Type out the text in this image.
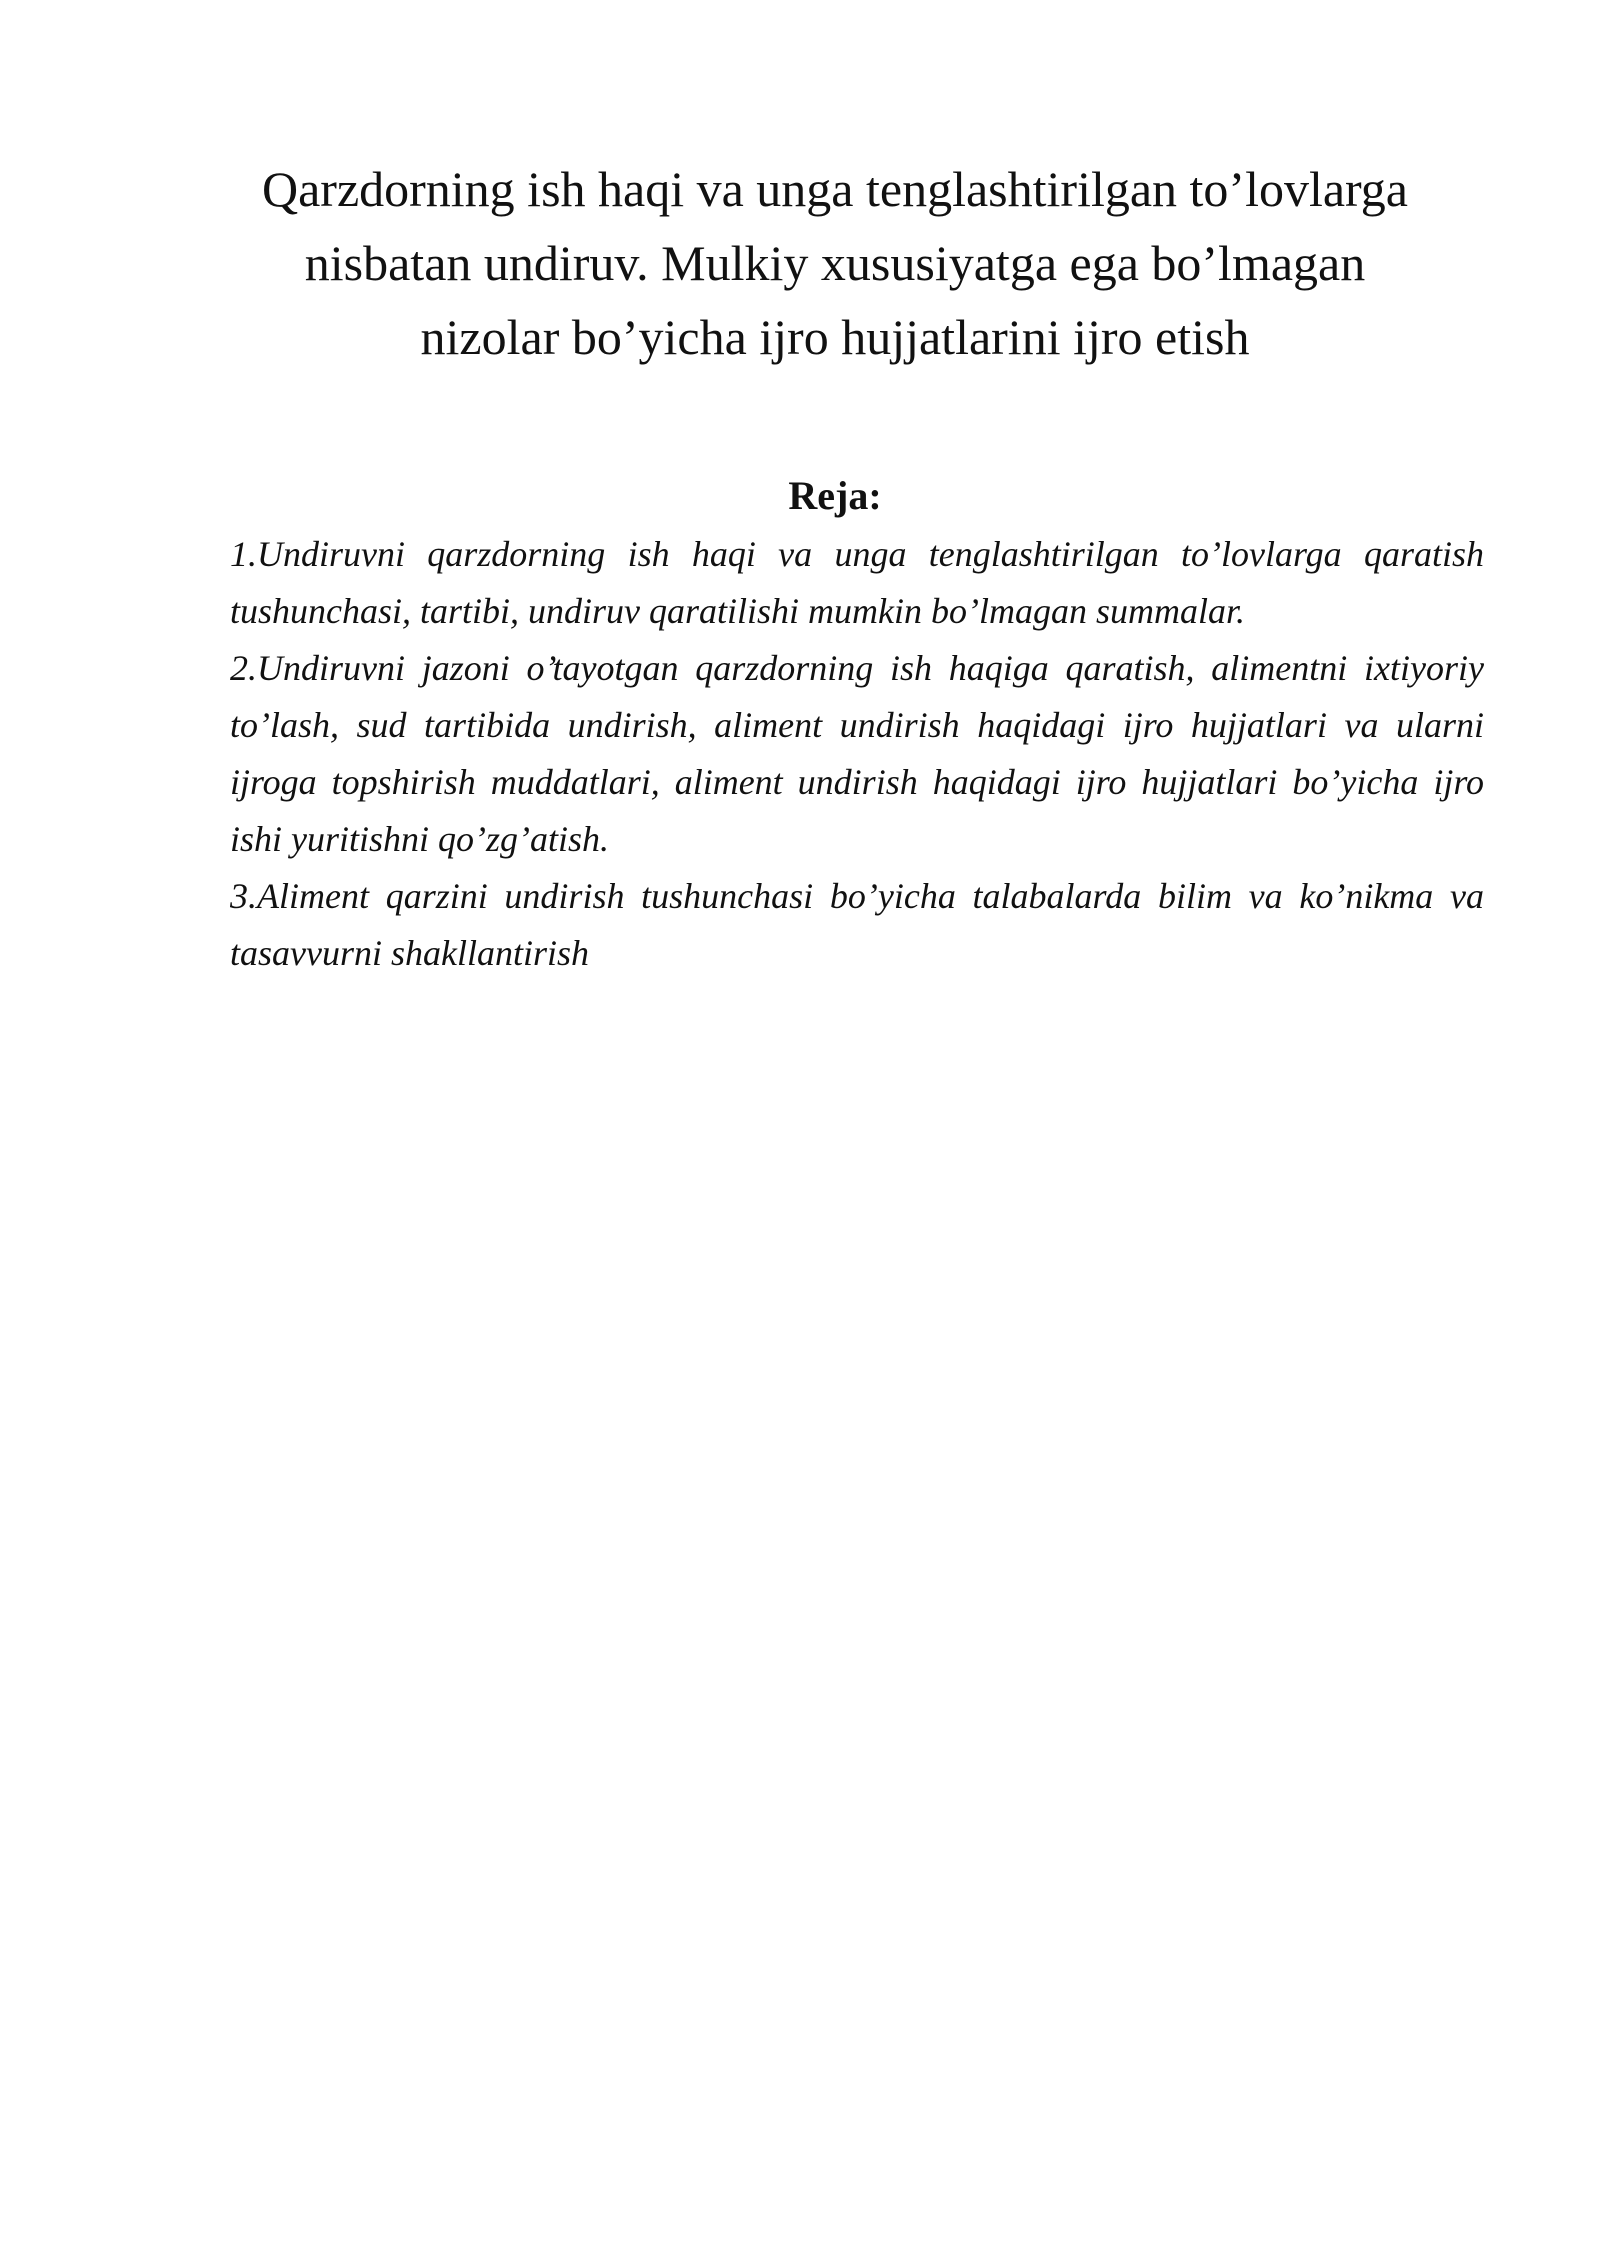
Qarzdorning ish haqi va unga tenglashtirilgan to’lovlarga nisbatan undiruv. Mulkiy xususiyatga ega bo’lmagan nizolar bo’yicha ijro hujjatlarini ijro etish
Reja:
1.Undiruvni qarzdorning ish haqi va unga tenglashtirilgan to’lovlarga qaratish tushunchasi, tartibi, undiruv qaratilishi mumkin bo’lmagan summalar.
2.Undiruvni jazoni o’tayotgan qarzdorning ish haqiga qaratish, alimentni ixtiyoriy to’lash, sud tartibida undirish, aliment undirish haqidagi ijro hujjatlari va ularni ijroga topshirish muddatlari, aliment undirish haqidagi ijro hujjatlari bo’yicha ijro ishi yuritishni qo’zg’atish.
3.Aliment qarzini undirish tushunchasi bo’yicha talabalarda bilim va ko’nikma va tasavvurni shakllantirish
